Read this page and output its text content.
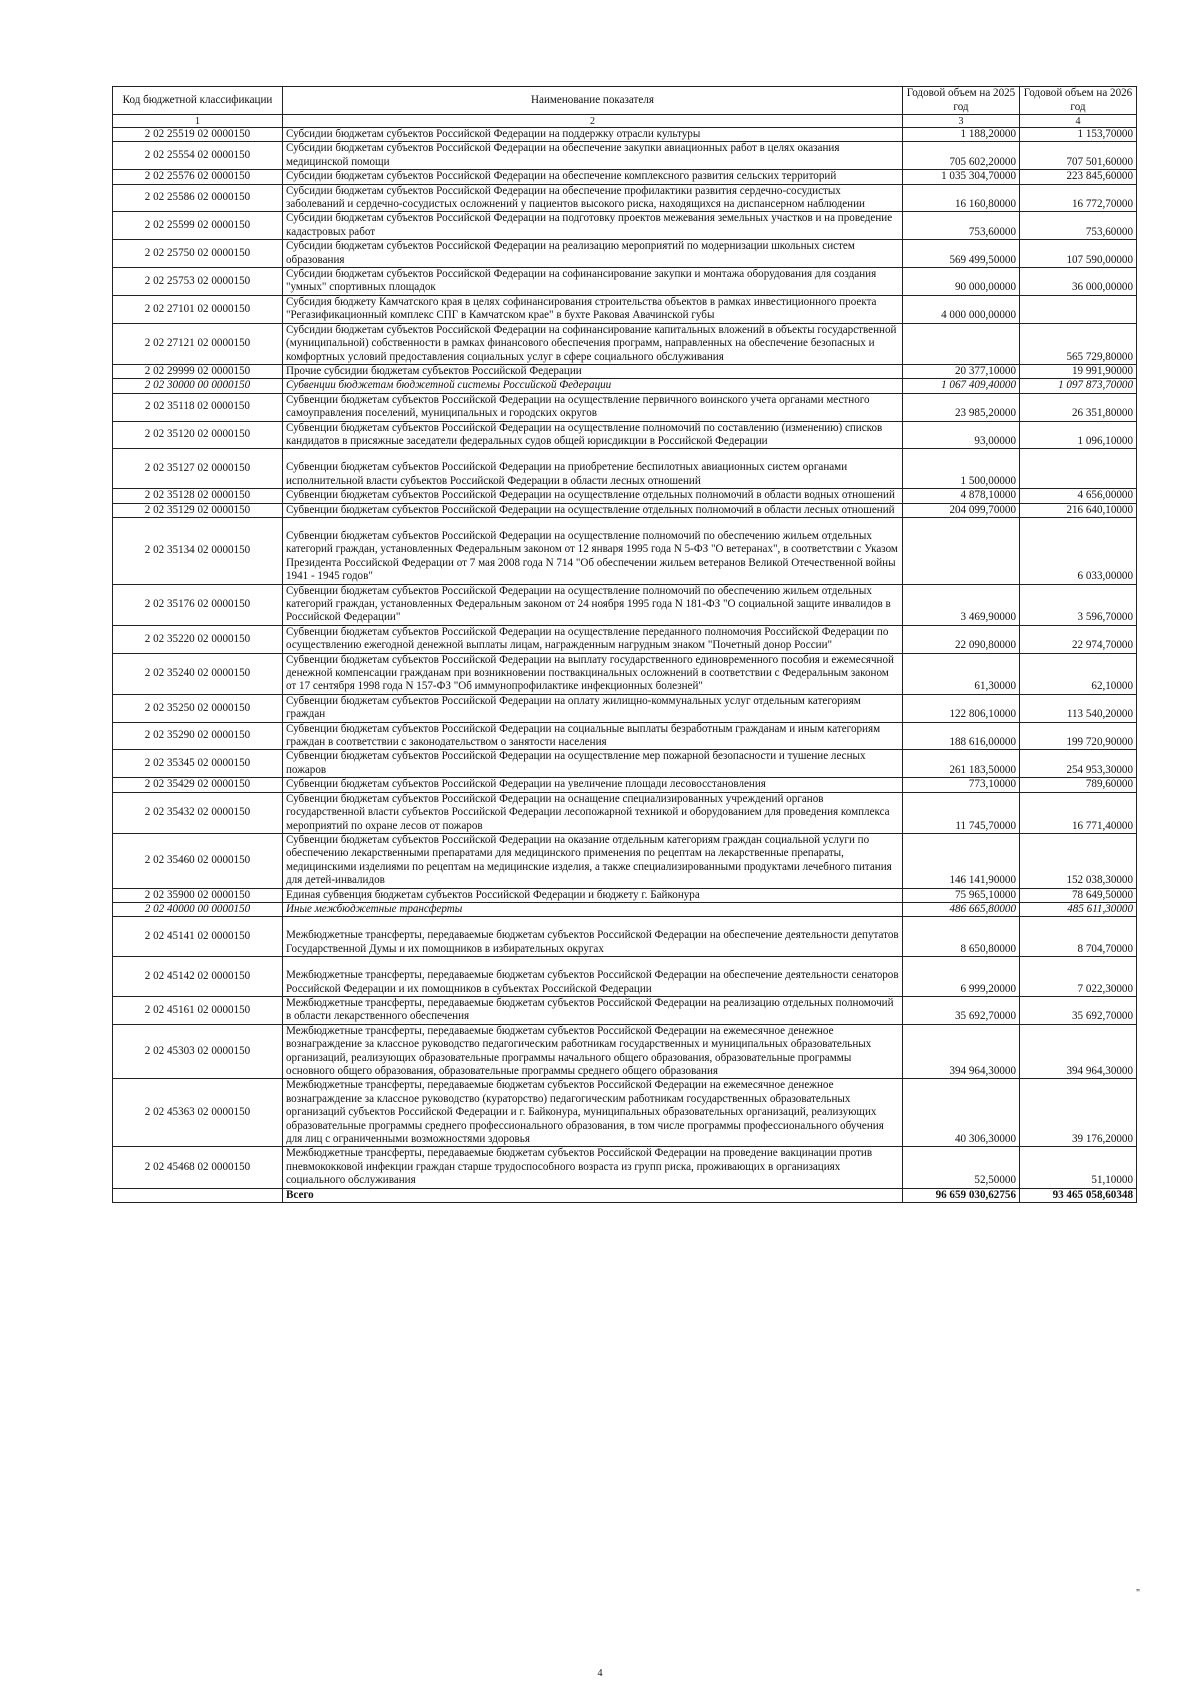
Код бюджетной классификации	Наименование показателя	Годовой объем на 2025 год	Годовой объем на 2026 год
1	2	3	4
2 02 25519 02 0000150	Субсидии бюджетам субъектов Российской Федерации на поддержку отрасли культуры	1 188,20000	1 153,70000
2 02 25554 02 0000150	Субсидии бюджетам субъектов Российской Федерации на обеспечение закупки авиационных работ в целях оказания медицинской помощи	705 602,20000	707 501,60000
2 02 25576 02 0000150	Субсидии бюджетам субъектов Российской Федерации на обеспечение комплексного развития сельских территорий	1 035 304,70000	223 845,60000
2 02 25586 02 0000150	Субсидии бюджетам субъектов Российской Федерации на обеспечение профилактики развития сердечно-сосудистых заболеваний и сердечно-сосудистых осложнений у пациентов высокого риска, находящихся на диспансерном наблюдении	16 160,80000	16 772,70000
2 02 25599 02 0000150	Субсидии бюджетам субъектов Российской Федерации на подготовку проектов межевания земельных участков и на проведение кадастровых работ	753,60000	753,60000
2 02 25750 02 0000150	Субсидии бюджетам субъектов Российской Федерации на реализацию мероприятий по модернизации школьных систем образования	569 499,50000	107 590,00000
2 02 25753 02 0000150	Субсидии бюджетам субъектов Российской Федерации на софинансирование закупки и монтажа оборудования для создания "умных" спортивных площадок	90 000,00000	36 000,00000
2 02 27101 02 0000150	Субсидия бюджету Камчатского края в целях софинансирования строительства объектов в рамках инвестиционного проекта "Регазификационный комплекс СПГ в Камчатском крае" в бухте Раковая Авачинской губы	4 000 000,00000	
2 02 27121 02 0000150	Субсидии бюджетам субъектов Российской Федерации на софинансирование капитальных вложений в объекты государственной (муниципальной) собственности в рамках финансового обеспечения программ, направленных на обеспечение безопасных и комфортных условий предоставления социальных услуг в сфере социального обслуживания		565 729,80000
2 02 29999 02 0000150	Прочие субсидии бюджетам субъектов Российской Федерации	20 377,10000	19 991,90000
2 02 30000 00 0000150	Субвенции бюджетам бюджетной системы Российской Федерации	1 067 409,40000	1 097 873,70000
2 02 35118 02 0000150	Субвенции бюджетам субъектов Российской Федерации на осуществление первичного воинского учета органами местного самоуправления поселений, муниципальных и городских округов	23 985,20000	26 351,80000
2 02 35120 02 0000150	Субвенции бюджетам субъектов Российской Федерации на осуществление полномочий по составлению (изменению) списков кандидатов в присяжные заседатели федеральных судов общей юрисдикции в Российской Федерации	93,00000	1 096,10000
2 02 35127 02 0000150	Субвенции бюджетам субъектов Российской Федерации на приобретение беспилотных авиационных систем органами исполнительной власти субъектов Российской Федерации в области лесных отношений	1 500,00000	
2 02 35128 02 0000150	Субвенции бюджетам субъектов Российской Федерации на осуществление отдельных полномочий в области водных отношений	4 878,10000	4 656,00000
2 02 35129 02 0000150	Субвенции бюджетам субъектов Российской Федерации на осуществление отдельных полномочий в области лесных отношений	204 099,70000	216 640,10000
2 02 35134 02 0000150	Субвенции бюджетам субъектов Российской Федерации на осуществление полномочий по обеспечению жильем отдельных категорий граждан, установленных Федеральным законом от 12 января 1995 года N 5-ФЗ "О ветеранах", в соответствии с Указом Президента Российской Федерации от 7 мая 2008 года N 714 "Об обеспечении жильем ветеранов Великой Отечественной войны 1941 - 1945 годов"		6 033,00000
2 02 35176 02 0000150	Субвенции бюджетам субъектов Российской Федерации на осуществление полномочий по обеспечению жильем отдельных категорий граждан, установленных Федеральным законом от 24 ноября 1995 года N 181-ФЗ "О социальной защите инвалидов в Российской Федерации"	3 469,90000	3 596,70000
2 02 35220 02 0000150	Субвенции бюджетам субъектов Российской Федерации на осуществление переданного полномочия Российской Федерации по осуществлению ежегодной денежной выплаты лицам, награжденным нагрудным знаком "Почетный донор России"	22 090,80000	22 974,70000
2 02 35240 02 0000150	Субвенции бюджетам субъектов Российской Федерации на выплату государственного единовременного пособия и ежемесячной денежной компенсации гражданам при возникновении поствакцинальных осложнений в соответствии с Федеральным законом от 17 сентября 1998 года N 157-ФЗ "Об иммунопрофилактике инфекционных болезней"	61,30000	62,10000
2 02 35250 02 0000150	Субвенции бюджетам субъектов Российской Федерации на оплату жилищно-коммунальных услуг отдельным категориям граждан	122 806,10000	113 540,20000
2 02 35290 02 0000150	Субвенции бюджетам субъектов Российской Федерации на социальные выплаты безработным гражданам и иным категориям граждан в соответствии с законодательством о занятости населения	188 616,00000	199 720,90000
2 02 35345 02 0000150	Субвенции бюджетам субъектов Российской Федерации на осуществление мер пожарной безопасности и тушение лесных пожаров	261 183,50000	254 953,30000
2 02 35429 02 0000150	Субвенции бюджетам субъектов Российской Федерации на увеличение площади лесовосстановления	773,10000	789,60000
2 02 35432 02 0000150	Субвенции бюджетам субъектов Российской Федерации на оснащение специализированных учреждений органов государственной власти субъектов Российской Федерации лесопожарной техникой и оборудованием для проведения комплекса мероприятий по охране лесов от пожаров	11 745,70000	16 771,40000
2 02 35460 02 0000150	Субвенции бюджетам субъектов Российской Федерации на оказание отдельным категориям граждан социальной услуги по обеспечению лекарственными препаратами для медицинского применения по рецептам на лекарственные препараты, медицинскими изделиями по рецептам на медицинские изделия, а также специализированными продуктами лечебного питания для детей-инвалидов	146 141,90000	152 038,30000
2 02 35900 02 0000150	Единая субвенция бюджетам субъектов Российской Федерации и бюджету г. Байконура	75 965,10000	78 649,50000
2 02 40000 00 0000150	Иные межбюджетные трансферты	486 665,80000	485 611,30000
2 02 45141 02 0000150	Межбюджетные трансферты, передаваемые бюджетам субъектов Российской Федерации на обеспечение деятельности депутатов Государственной Думы и их помощников в избирательных округах	8 650,80000	8 704,70000
2 02 45142 02 0000150	Межбюджетные трансферты, передаваемые бюджетам субъектов Российской Федерации на обеспечение деятельности сенаторов Российской Федерации и их помощников в субъектах Российской Федерации	6 999,20000	7 022,30000
2 02 45161 02 0000150	Межбюджетные трансферты, передаваемые бюджетам субъектов Российской Федерации на реализацию отдельных полномочий в области лекарственного обеспечения	35 692,70000	35 692,70000
2 02 45303 02 0000150	Межбюджетные трансферты, передаваемые бюджетам субъектов Российской Федерации на ежемесячное денежное вознаграждение за классное руководство педагогическим работникам государственных и муниципальных образовательных организаций, реализующих образовательные программы начального общего образования, образовательные программы основного общего образования, образовательные программы среднего общего образования	394 964,30000	394 964,30000
2 02 45363 02 0000150	Межбюджетные трансферты, передаваемые бюджетам субъектов Российской Федерации на ежемесячное денежное вознаграждение за классное руководство (кураторство) педагогическим работникам государственных образовательных организаций субъектов Российской Федерации и г. Байконура, муниципальных образовательных организаций, реализующих образовательные программы среднего профессионального образования, в том числе программы профессионального обучения для лиц с ограниченными возможностями здоровья	40 306,30000	39 176,20000
2 02 45468 02 0000150	Межбюджетные трансферты, передаваемые бюджетам субъектов Российской Федерации на проведение вакцинации против пневмококковой инфекции граждан старше трудоспособного возраста из групп риска, проживающих в организациях социального обслуживания	52,50000	51,10000
	Всего	96 659 030,62756	93 465 058,60348
"
4
